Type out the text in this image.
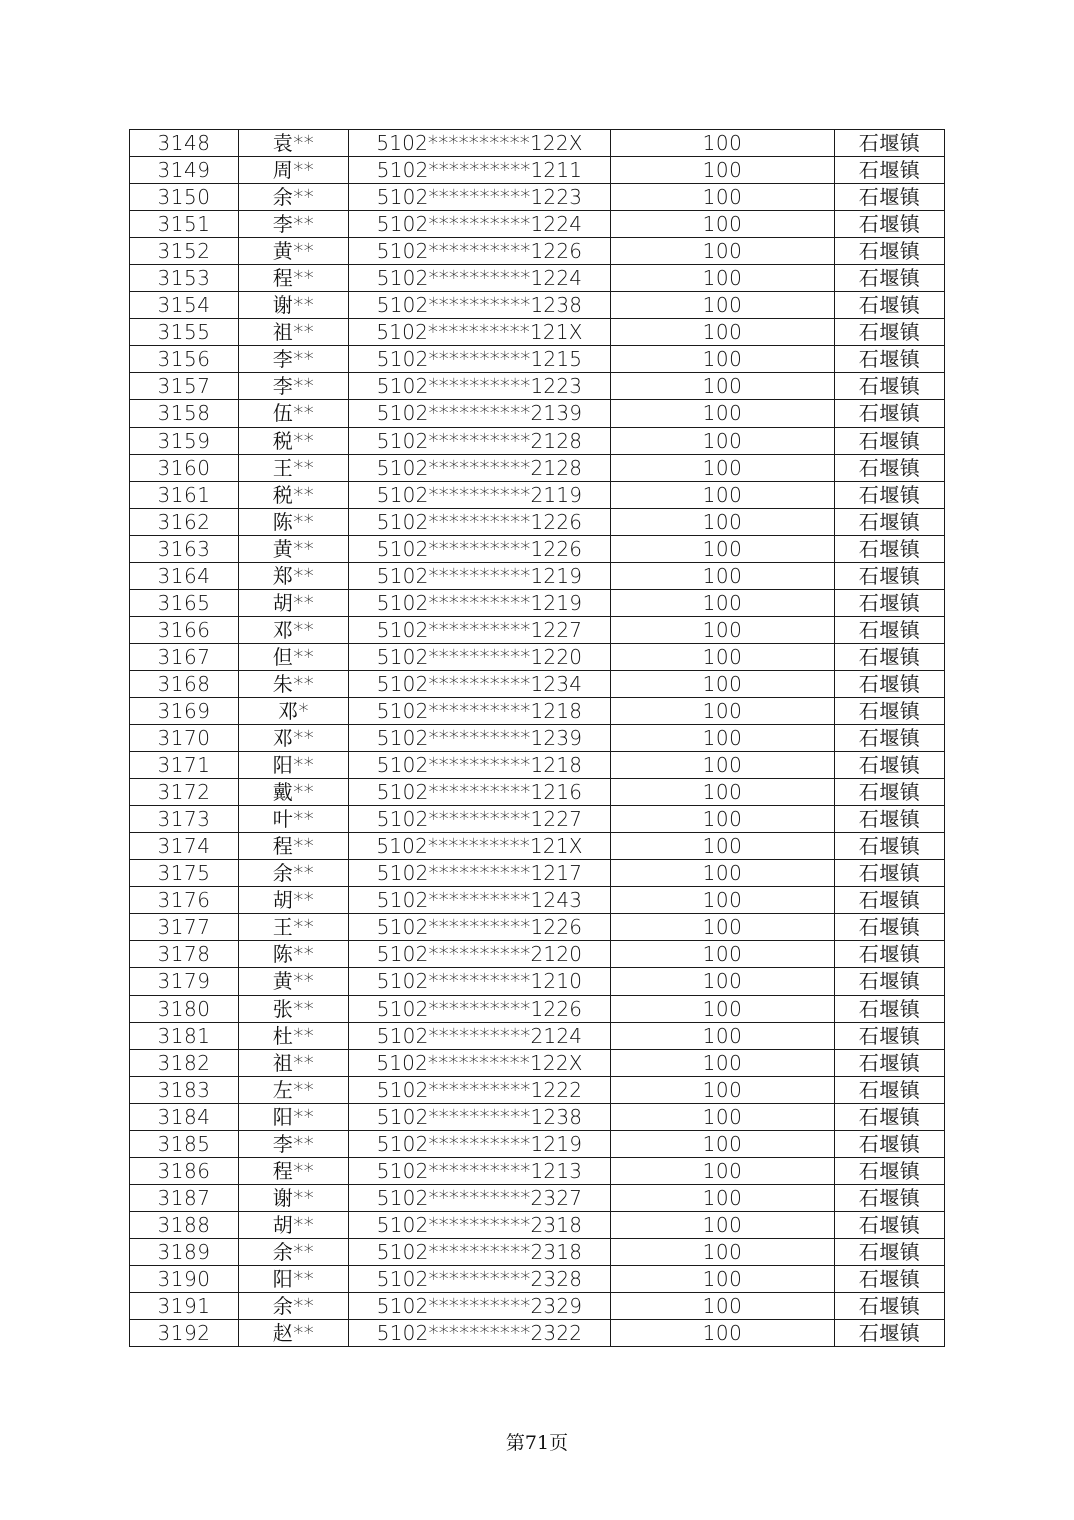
3148	袁**	5102**********122X	100	石堰镇
3149	周**	5102**********1211	100	石堰镇
3150	余**	5102**********1223	100	石堰镇
3151	李**	5102**********1224	100	石堰镇
3152	黄**	5102**********1226	100	石堰镇
3153	程**	5102**********1224	100	石堰镇
3154	谢**	5102**********1238	100	石堰镇
3155	祖**	5102**********121X	100	石堰镇
3156	李**	5102**********1215	100	石堰镇
3157	李**	5102**********1223	100	石堰镇
3158	伍**	5102**********2139	100	石堰镇
3159	税**	5102**********2128	100	石堰镇
3160	王**	5102**********2128	100	石堰镇
3161	税**	5102**********2119	100	石堰镇
3162	陈**	5102**********1226	100	石堰镇
3163	黄**	5102**********1226	100	石堰镇
3164	郑**	5102**********1219	100	石堰镇
3165	胡**	5102**********1219	100	石堰镇
3166	邓**	5102**********1227	100	石堰镇
3167	但**	5102**********1220	100	石堰镇
3168	朱**	5102**********1234	100	石堰镇
3169	邓*	5102**********1218	100	石堰镇
3170	邓**	5102**********1239	100	石堰镇
3171	阳**	5102**********1218	100	石堰镇
3172	戴**	5102**********1216	100	石堰镇
3173	叶**	5102**********1227	100	石堰镇
3174	程**	5102**********121X	100	石堰镇
3175	余**	5102**********1217	100	石堰镇
3176	胡**	5102**********1243	100	石堰镇
3177	王**	5102**********1226	100	石堰镇
3178	陈**	5102**********2120	100	石堰镇
3179	黄**	5102**********1210	100	石堰镇
3180	张**	5102**********1226	100	石堰镇
3181	杜**	5102**********2124	100	石堰镇
3182	祖**	5102**********122X	100	石堰镇
3183	左**	5102**********1222	100	石堰镇
3184	阳**	5102**********1238	100	石堰镇
3185	李**	5102**********1219	100	石堰镇
3186	程**	5102**********1213	100	石堰镇
3187	谢**	5102**********2327	100	石堰镇
3188	胡**	5102**********2318	100	石堰镇
3189	余**	5102**********2318	100	石堰镇
3190	阳**	5102**********2328	100	石堰镇
3191	余**	5102**********2329	100	石堰镇
3192	赵**	5102**********2322	100	石堰镇
第71页
